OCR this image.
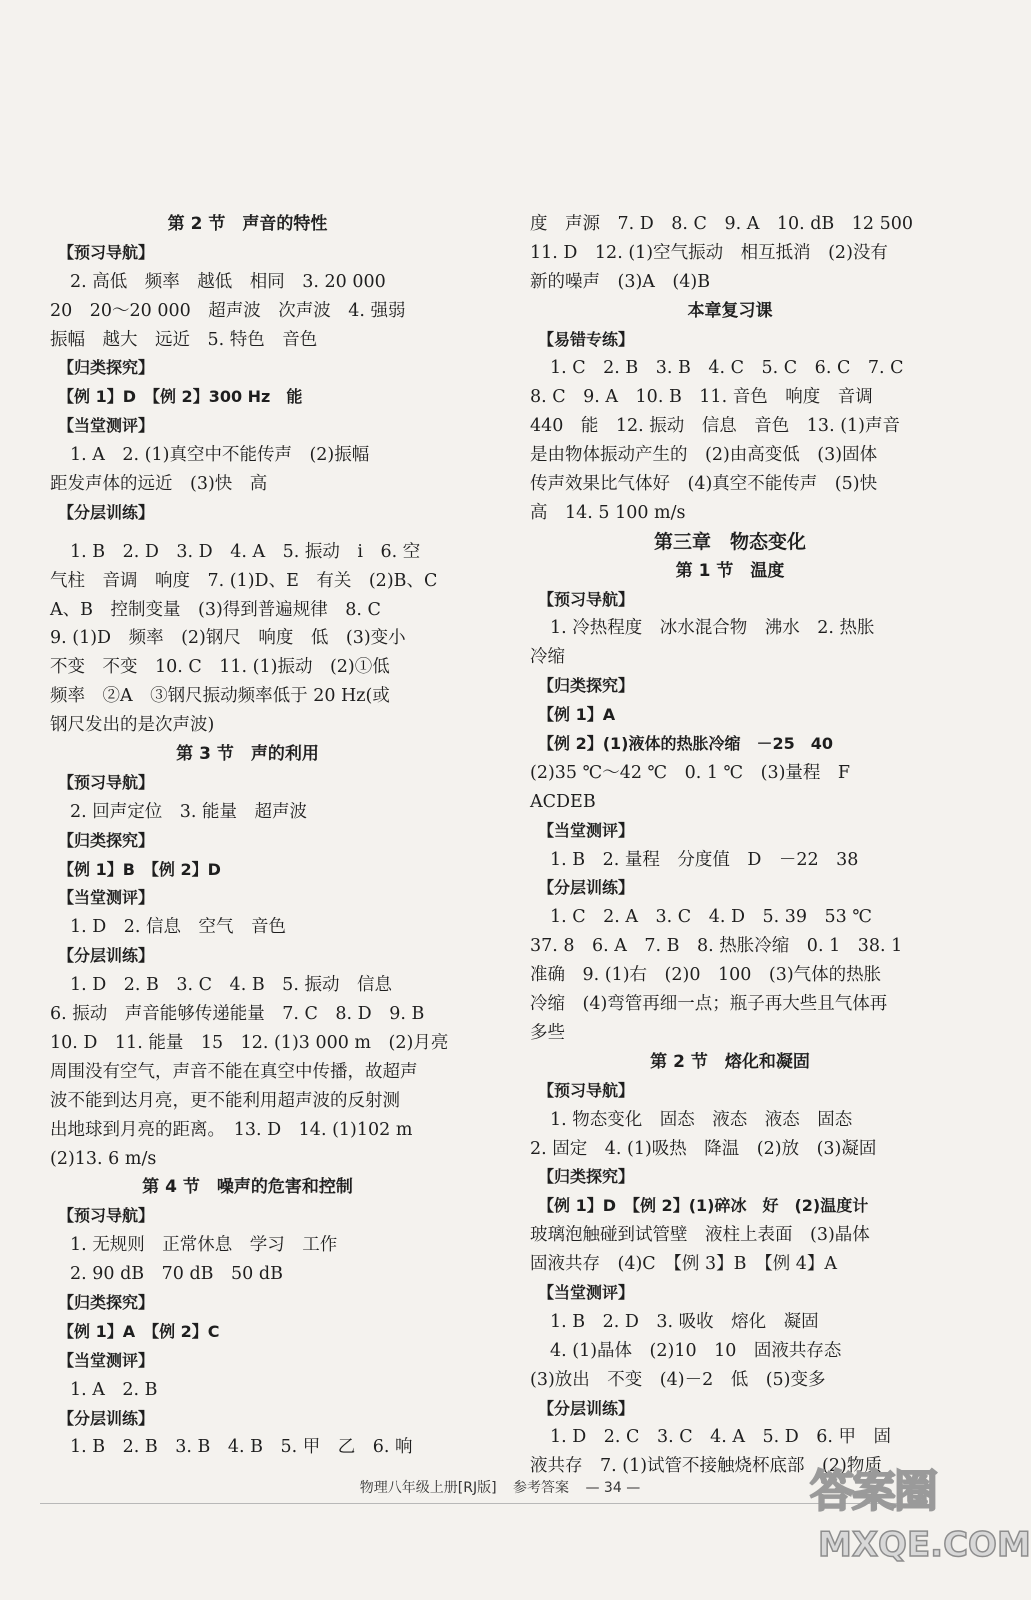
第 2 节　声音的特性
【预习导航】
2. 高低　频率　越低　相同　3. 20 000
20　20～20 000　超声波　次声波　4. 强弱
振幅　越大　远近　5. 特色　音色
【归类探究】
【例 1】D　【例 2】300 Hz　能
【当堂测评】
1. A　2. (1)真空中不能传声　(2)振幅
距发声体的远近　(3)快　高
【分层训练】
1. B　2. D　3. D　4. A　5. 振动　i　6. 空
气柱　音调　响度　7. (1)D、E　有关　(2)B、C
A、B　控制变量　(3)得到普遍规律　8. C
9. (1)D　频率　(2)钢尺　响度　低　(3)变小
不变　不变　10. C　11. (1)振动　(2)①低
频率　②A　③钢尺振动频率低于 20 Hz(或
钢尺发出的是次声波)
第 3 节　声的利用
【预习导航】
2. 回声定位　3. 能量　超声波
【归类探究】
【例 1】B　【例 2】D
【当堂测评】
1. D　2. 信息　空气　音色
【分层训练】
1. D　2. B　3. C　4. B　5. 振动　信息
6. 振动　声音能够传递能量　7. C　8. D　9. B
10. D　11. 能量　15　12. (1)3 000 m　(2)月亮
周围没有空气，声音不能在真空中传播，故超声
波不能到达月亮，更不能利用超声波的反射测
出地球到月亮的距离。　13. D　14. (1)102 m
(2)13. 6 m/s
第 4 节　噪声的危害和控制
【预习导航】
1. 无规则　正常休息　学习　工作
2. 90 dB　70 dB　50 dB
【归类探究】
【例 1】A　【例 2】C
【当堂测评】
1. A　2. B
【分层训练】
1. B　2. B　3. B　4. B　5. 甲　乙　6. 响
度　声源　7. D　8. C　9. A　10. dB　12 500
11. D　12. (1)空气振动　相互抵消　(2)没有
新的噪声　(3)A　(4)B
本章复习课
【易错专练】
1. C　2. B　3. B　4. C　5. C　6. C　7. C
8. C　9. A　10. B　11. 音色　响度　音调
440　能　12. 振动　信息　音色　13. (1)声音
是由物体振动产生的　(2)由高变低　(3)固体
传声效果比气体好　(4)真空不能传声　(5)快
高　14. 5 100 m/s
第三章　物态变化
第 1 节　温度
【预习导航】
1. 冷热程度　冰水混合物　沸水　2. 热胀
冷缩
【归类探究】
【例 1】A
【例 2】(1)液体的热胀冷缩　－25　40
(2)35 ℃～42 ℃　0. 1 ℃　(3)量程　F
ACDEB
【当堂测评】
1. B　2. 量程　分度值　D　－22　38
【分层训练】
1. C　2. A　3. C　4. D　5. 39　53 ℃
37. 8　6. A　7. B　8. 热胀冷缩　0. 1　38. 1
准确　9. (1)右　(2)0　100　(3)气体的热胀
冷缩　(4)弯管再细一点；瓶子再大些且气体再
多些
第 2 节　熔化和凝固
【预习导航】
1. 物态变化　固态　液态　液态　固态
2. 固定　4. (1)吸热　降温　(2)放　(3)凝固
【归类探究】
【例 1】D　【例 2】(1)碎冰　好　(2)温度计
玻璃泡触碰到试管壁　液柱上表面　(3)晶体
固液共存　(4)C　【例 3】B　【例 4】A
【当堂测评】
1. B　2. D　3. 吸收　熔化　凝固
4. (1)晶体　(2)10　10　固液共存态
(3)放出　不变　(4)－2　低　(5)变多
【分层训练】
1. D　2. C　3. C　4. A　5. D　6. 甲　固
液共存　7. (1)试管不接触烧杯底部　(2)物质
物理八年级上册[RJ版] 参考答案 — 34 —	答案圈
MXQE.COM
